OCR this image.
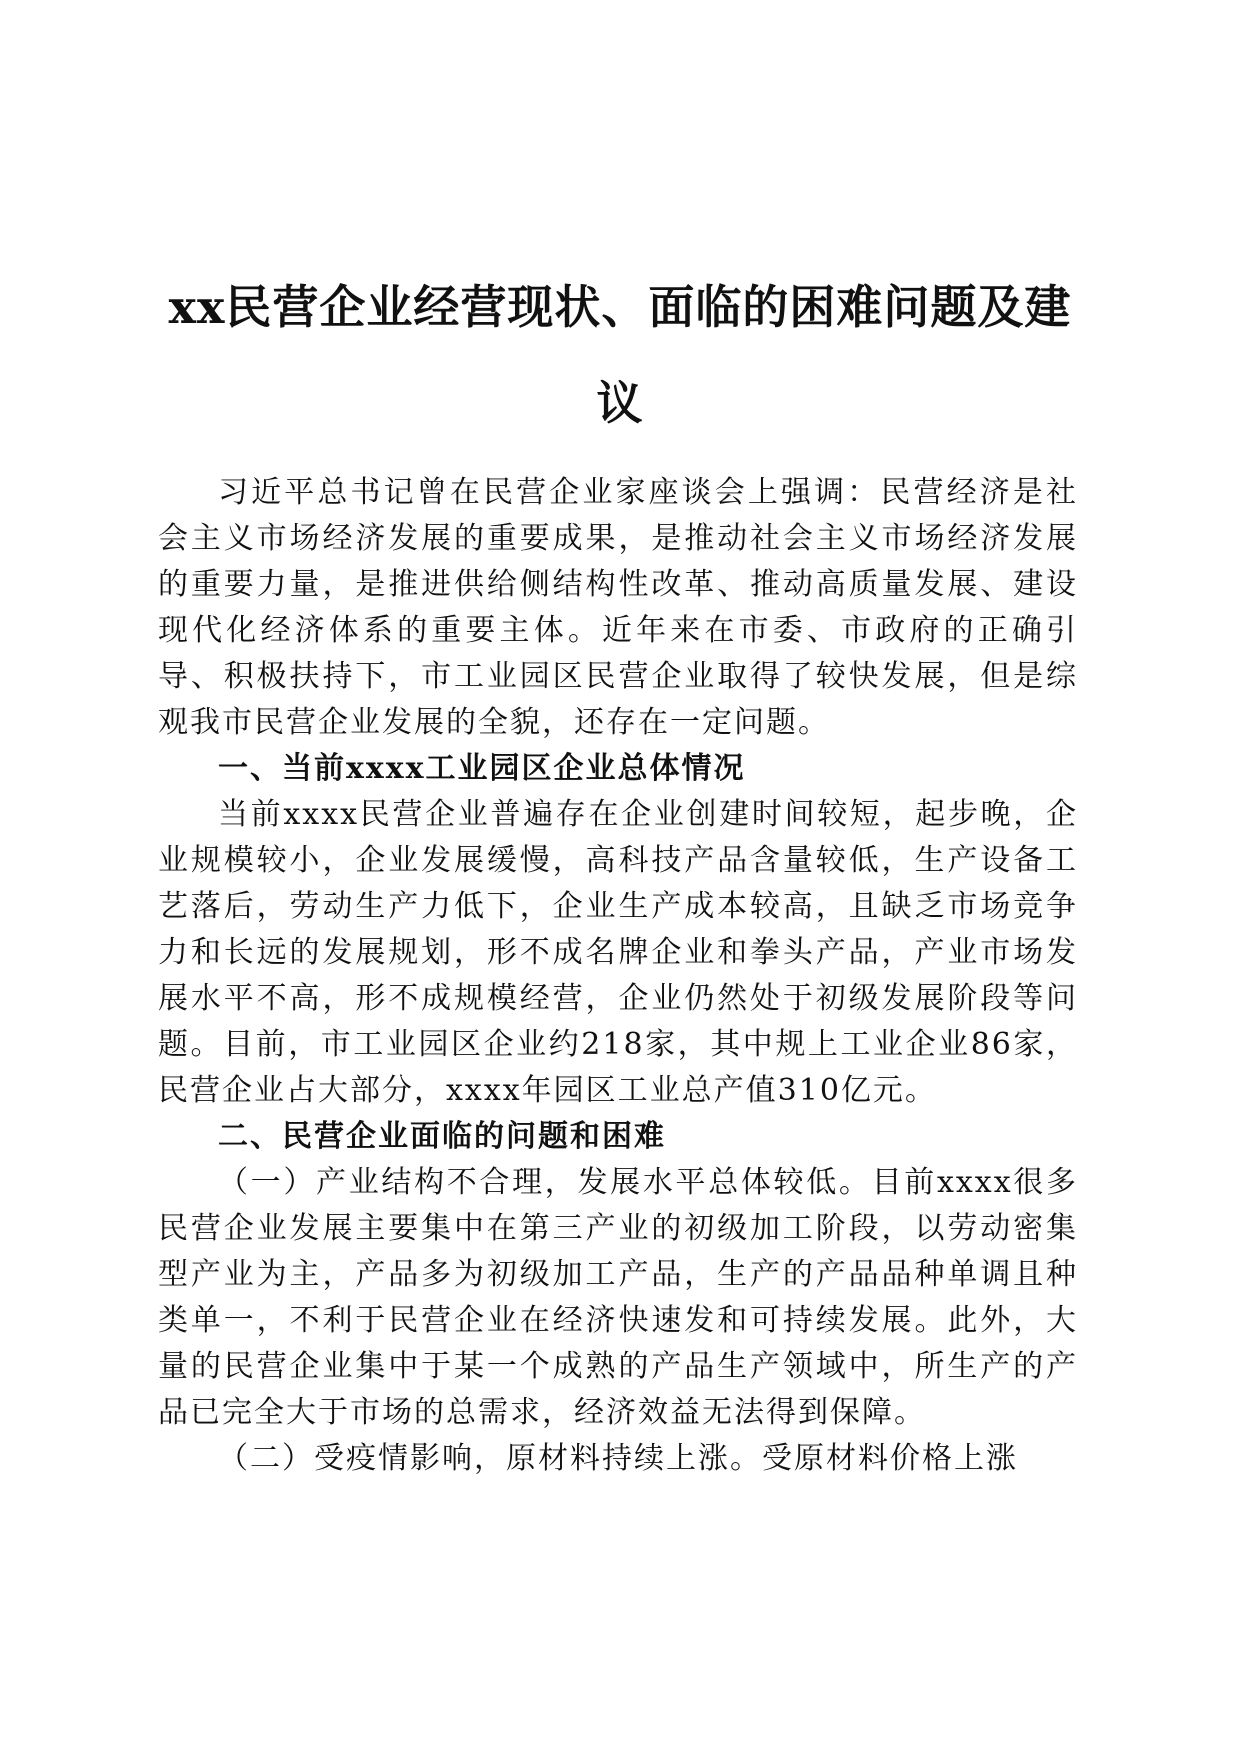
xx民营企业经营现状、面临的困难问题及建议

习近平总书记曾在民营企业家座谈会上强调：民营经济是社会主义市场经济发展的重要成果，是推动社会主义市场经济发展的重要力量，是推进供给侧结构性改革、推动高质量发展、建设现代化经济体系的重要主体。近年来在市委、市政府的正确引导、积极扶持下，市工业园区民营企业取得了较快发展，但是综观我市民营企业发展的全貌，还存在一定问题。

一、当前xxxx工业园区企业总体情况

当前xxxx民营企业普遍存在企业创建时间较短，起步晚，企业规模较小，企业发展缓慢，高科技产品含量较低，生产设备工艺落后，劳动生产力低下，企业生产成本较高，且缺乏市场竞争力和长远的发展规划，形不成名牌企业和拳头产品，产业市场发展水平不高，形不成规模经营，企业仍然处于初级发展阶段等问题。目前，市工业园区企业约218家，其中规上工业企业86家，民营企业占大部分，xxxx年园区工业总产值310亿元。

二、民营企业面临的问题和困难

（一）产业结构不合理，发展水平总体较低。目前xxxx很多民营企业发展主要集中在第三产业的初级加工阶段，以劳动密集型产业为主，产品多为初级加工产品，生产的产品品种单调且种类单一，不利于民营企业在经济快速发和可持续发展。此外，大量的民营企业集中于某一个成熟的产品生产领域中，所生产的产品已完全大于市场的总需求，经济效益无法得到保障。

（二）受疫情影响，原材料持续上涨。受原材料价格上涨
